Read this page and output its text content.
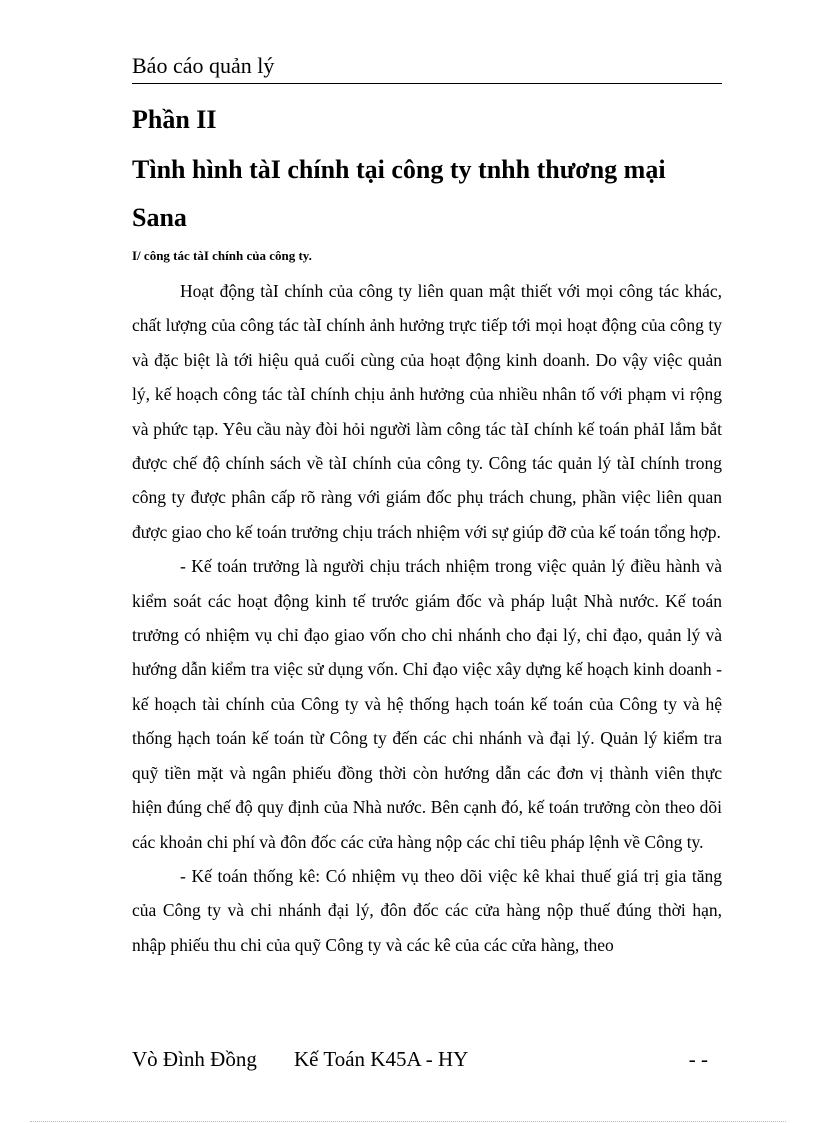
Báo cáo quản lý
Phần II
Tình hình tàI chính tại công ty tnhh thương mại Sana
I/ công tác tàI chính của công ty.

Hoạt động tàI chính của công ty liên quan mật thiết với mọi công tác khác, chất lượng của công tác tàI chính ảnh hưởng trực tiếp tới mọi hoạt động của công ty và đặc biệt là tới hiệu quả cuối cùng của hoạt động kinh doanh. Do vậy việc quản lý, kế hoạch công tác tàI chính chịu ảnh hưởng của nhiều nhân tố với phạm vi rộng và phức tạp. Yêu cầu này đòi hỏi người làm công tác tàI chính kế toán phảI lắm bắt được chế độ chính sách về tàI chính của công ty. Công tác quản lý tàI chính trong công ty được phân cấp rõ ràng với giám đốc phụ trách chung, phần việc liên quan được giao cho kế toán trưởng chịu trách nhiệm với sự giúp đỡ của kế toán tổng hợp.

- Kế toán trưởng là người chịu trách nhiệm trong việc quản lý điều hành và kiểm soát các hoạt động kinh tế trước giám đốc và pháp luật Nhà nước. Kế toán trưởng có nhiệm vụ chỉ đạo giao vốn cho chi nhánh cho đại lý, chỉ đạo, quản lý và hướng dẫn kiểm tra việc sử dụng vốn. Chỉ đạo việc xây dựng kế hoạch kinh doanh - kế hoạch tài chính của Công ty và hệ thống hạch toán kế toán của Công ty và hệ thống hạch toán kế toán từ Công ty đến các chi nhánh và đại lý. Quản lý kiểm tra quỹ tiền mặt và ngân phiếu đồng thời còn hướng dẫn các đơn vị thành viên thực hiện đúng chế độ quy định của Nhà nước. Bên cạnh đó, kế toán trưởng còn theo dõi các khoản chi phí và đôn đốc các cửa hàng nộp các chỉ tiêu pháp lệnh về Công ty.

- Kế toán thống kê: Có nhiệm vụ theo dõi việc kê khai thuế giá trị gia tăng của Công ty và chi nhánh đại lý, đôn đốc các cửa hàng nộp thuế đúng thời hạn, nhập phiếu thu chi của quỹ Công ty và các kê của các cửa hàng, theo

Vò Đình Đồng Kế Toán K45A - HY	- -
